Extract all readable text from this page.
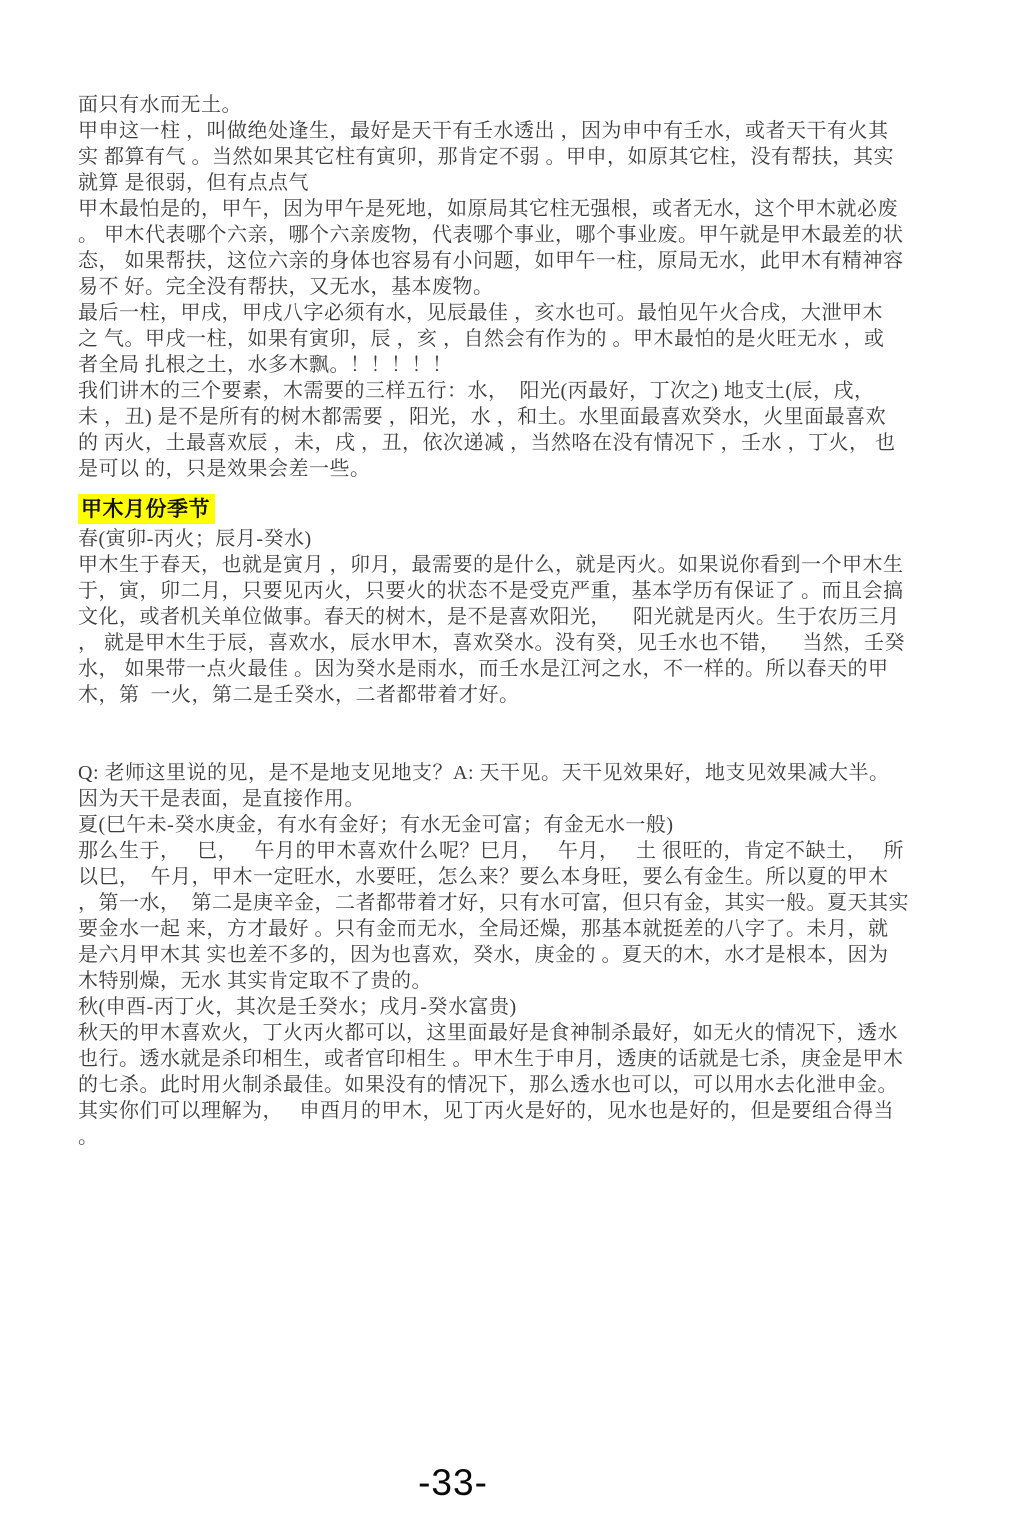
面只有水而无土。
甲申这一柱 ，叫做绝处逢生，最好是天干有壬水透出 ，因为申中有壬水，或者天干有火其
实 都算有气 。当然如果其它柱有寅卯，那肯定不弱 。甲申，如原其它柱，没有帮扶，其实
就算 是很弱，但有点点气
甲木最怕是的，甲午，因为甲午是死地，如原局其它柱无强根，或者无水，这个甲木就必废
。 甲木代表哪个六亲，哪个六亲废物，代表哪个事业，哪个事业废。甲午就是甲木最差的状
态， 如果帮扶，这位六亲的身体也容易有小问题，如甲午一柱，原局无水，此甲木有精神容
易不 好。完全没有帮扶，又无水，基本废物。
最后一柱，甲戌，甲戌八字必须有水，见辰最佳 ，亥水也可。最怕见午火合戌，大泄甲木
之 气。甲戌一柱，如果有寅卯，辰 ，亥 ，自然会有作为的 。甲木最怕的是火旺无水 ，或
者全局 扎根之土，水多木飘。！！！！！
我们讲木的三个要素，木需要的三样五行：水，  阳光(丙最好，丁次之) 地支土(辰，戌，
未 ，丑) 是不是所有的树木都需要 ，阳光，水 ，和土。水里面最喜欢癸水，火里面最喜欢
的 丙火，土最喜欢辰 ，未，戌 ，丑，依次递减 ，当然咯在没有情况下 ，壬水 ，丁火， 也
是可以 的，只是效果会差一些。
甲木月份季节
春(寅卯-丙火；辰月-癸水)
甲木生于春天，也就是寅月 ，卯月，最需要的是什么，就是丙火。如果说你看到一个甲木生
于，寅，卯二月，只要见丙火，只要火的状态不是受克严重，基本学历有保证了 。而且会搞
文化，或者机关单位做事。春天的树木，是不是喜欢阳光，    阳光就是丙火。生于农历三月
， 就是甲木生于辰，喜欢水，辰水甲木，喜欢癸水。没有癸，见壬水也不错，    当然，壬癸
水， 如果带一点火最佳 。因为癸水是雨水，而壬水是江河之水，不一样的。所以春天的甲
木，第  一火，第二是壬癸水，二者都带着才好。

Q: 老师这里说的见，是不是地支见地支？A: 天干见。天干见效果好，地支见效果减大半。
因为天干是表面，是直接作用。
夏(巳午未-癸水庚金，有水有金好；有水无金可富；有金无水一般)
那么生于，   巳，   午月的甲木喜欢什么呢？巳月，   午月，   土 很旺的，肯定不缺土，   所
以巳，  午月，甲木一定旺水，水要旺，怎么来？要么本身旺，要么有金生。所以夏的甲木
，第一水，  第二是庚辛金，二者都带着才好，只有水可富，但只有金，其实一般。夏天其实
要金水一起 来，方才最好 。只有金而无水，全局还燥，那基本就挺差的八字了。未月，就
是六月甲木其 实也差不多的，因为也喜欢，癸水，庚金的 。夏天的木，水才是根本，因为
木特别燥，无水 其实肯定取不了贵的。
秋(申酉-丙丁火，其次是壬癸水；戌月-癸水富贵)
秋天的甲木喜欢火，丁火丙火都可以，这里面最好是食神制杀最好，如无火的情况下，透水
也行。透水就是杀印相生，或者官印相生 。甲木生于申月，透庚的话就是七杀，庚金是甲木
的七杀。此时用火制杀最佳。如果没有的情况下，那么透水也可以，可以用水去化泄申金。
其实你们可以理解为，   申酉月的甲木，见丁丙火是好的，见水也是好的，但是要组合得当
。
-33-
